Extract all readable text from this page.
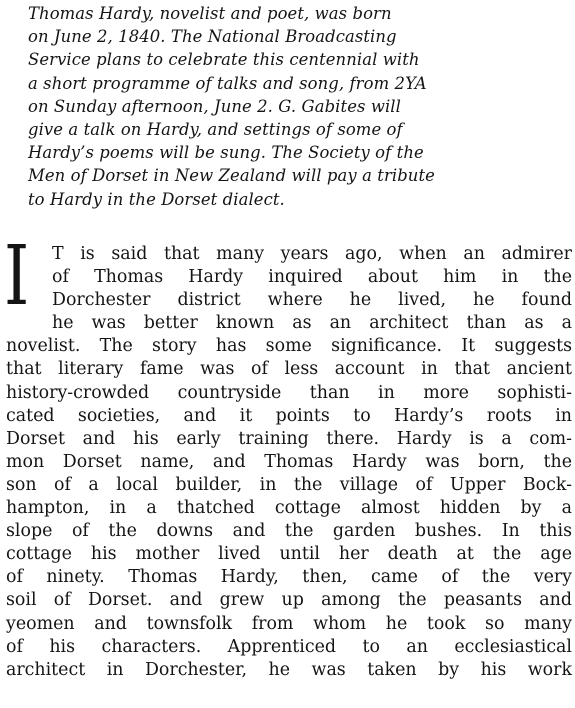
Thomas Hardy, novelist and poet, was born
on June 2, 1840. The National Broadcasting
Service plans to celebrate this centennial with
a short programme of talks and song, from 2YA
on Sunday afternoon, June 2. G. Gabites will
give a talk on Hardy, and settings of some of
Hardy’s poems will be sung. The Society of the
Men of Dorset in New Zealand will pay a tribute
to Hardy in the Dorset dialect.
I	T is said that many years ago, when an admirer
of Thomas Hardy inquired about him in the
Dorchester district where he lived, he found
he was better known as an architect than as a
novelist. The story has some significance. It suggests
that literary fame was of less account in that ancient
history-crowded countryside than in more sophisti-
cated societies, and it points to Hardy’s roots in
Dorset and his early training there. Hardy is a com-
mon Dorset name, and Thomas Hardy was born, the
son of a local builder, in the village of Upper Bock-
hampton, in a thatched cottage almost hidden by a
slope of the downs and the garden bushes. In this
cottage his mother lived until her death at the age
of ninety. Thomas Hardy, then, came of the very
soil of Dorset. and grew up among the peasants and
yeomen and townsfolk from whom he took so many
of his characters. Apprenticed to an ecclesiastical
architect in Dorchester, he was taken by his work
